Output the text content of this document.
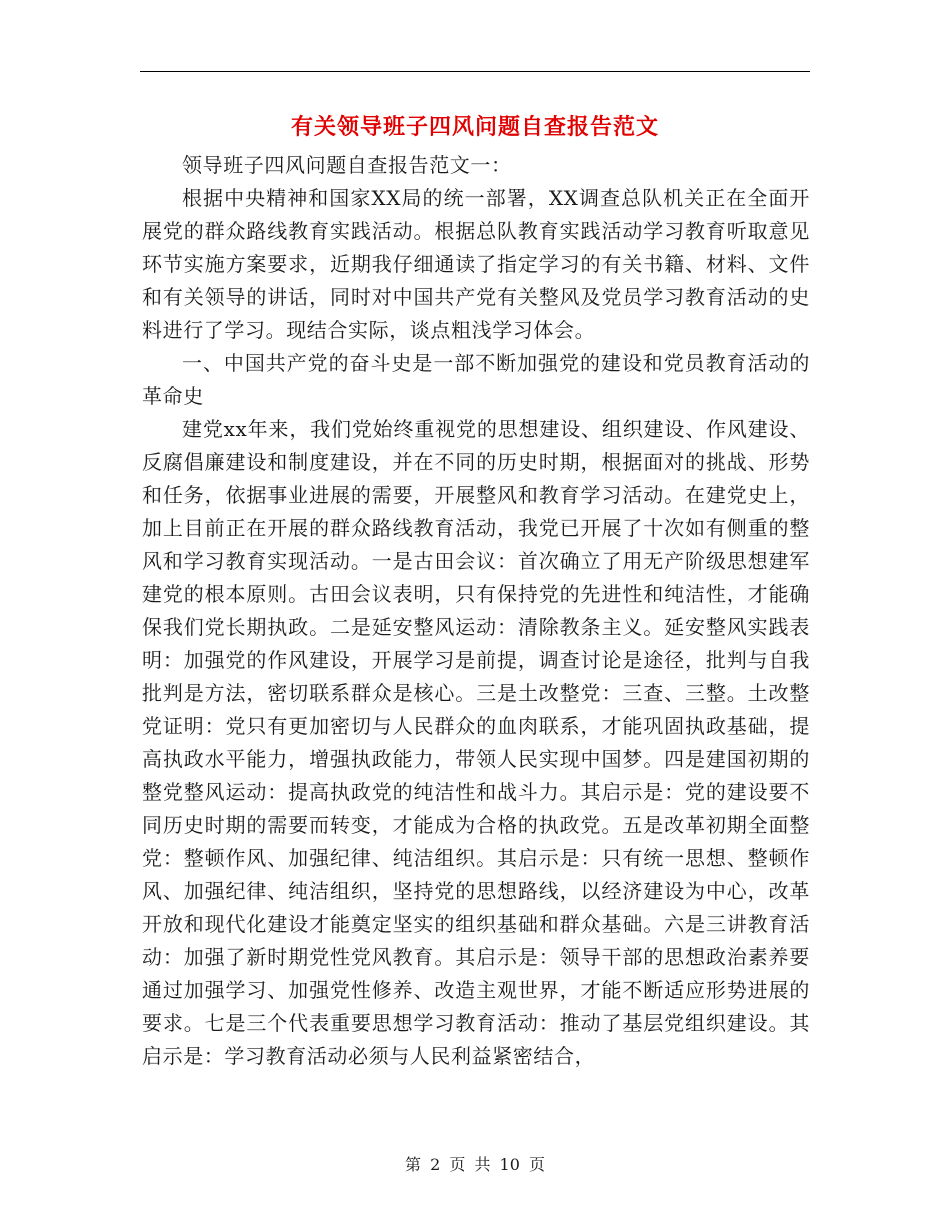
有关领导班子四风问题自查报告范文

领导班子四风问题自查报告范文一：

根据中央精神和国家XX局的统一部署，XX调查总队机关正在全面开展党的群众路线教育实践活动。根据总队教育实践活动学习教育听取意见环节实施方案要求，近期我仔细通读了指定学习的有关书籍、材料、文件和有关领导的讲话，同时对中国共产党有关整风及党员学习教育活动的史料进行了学习。现结合实际，谈点粗浅学习体会。

一、中国共产党的奋斗史是一部不断加强党的建设和党员教育活动的革命史

建党xx年来，我们党始终重视党的思想建设、组织建设、作风建设、反腐倡廉建设和制度建设，并在不同的历史时期，根据面对的挑战、形势和任务，依据事业进展的需要，开展整风和教育学习活动。在建党史上，加上目前正在开展的群众路线教育活动，我党已开展了十次如有侧重的整风和学习教育实现活动。一是古田会议：首次确立了用无产阶级思想建军建党的根本原则。古田会议表明，只有保持党的先进性和纯洁性，才能确保我们党长期执政。二是延安整风运动：清除教条主义。延安整风实践表明：加强党的作风建设，开展学习是前提，调查讨论是途径，批判与自我批判是方法，密切联系群众是核心。三是土改整党：三查、三整。土改整党证明：党只有更加密切与人民群众的血肉联系，才能巩固执政基础，提高执政水平能力，增强执政能力，带领人民实现中国梦。四是建国初期的整党整风运动：提高执政党的纯洁性和战斗力。其启示是：党的建设要不同历史时期的需要而转变，才能成为合格的执政党。五是改革初期全面整党：整顿作风、加强纪律、纯洁组织。其启示是：只有统一思想、整顿作风、加强纪律、纯洁组织，坚持党的思想路线，以经济建设为中心，改革开放和现代化建设才能奠定坚实的组织基础和群众基础。六是三讲教育活动：加强了新时期党性党风教育。其启示是：领导干部的思想政治素养要通过加强学习、加强党性修养、改造主观世界，才能不断适应形势进展的要求。七是三个代表重要思想学习教育活动：推动了基层党组织建设。其启示是：学习教育活动必须与人民利益紧密结合，

第 2 页 共 10 页
